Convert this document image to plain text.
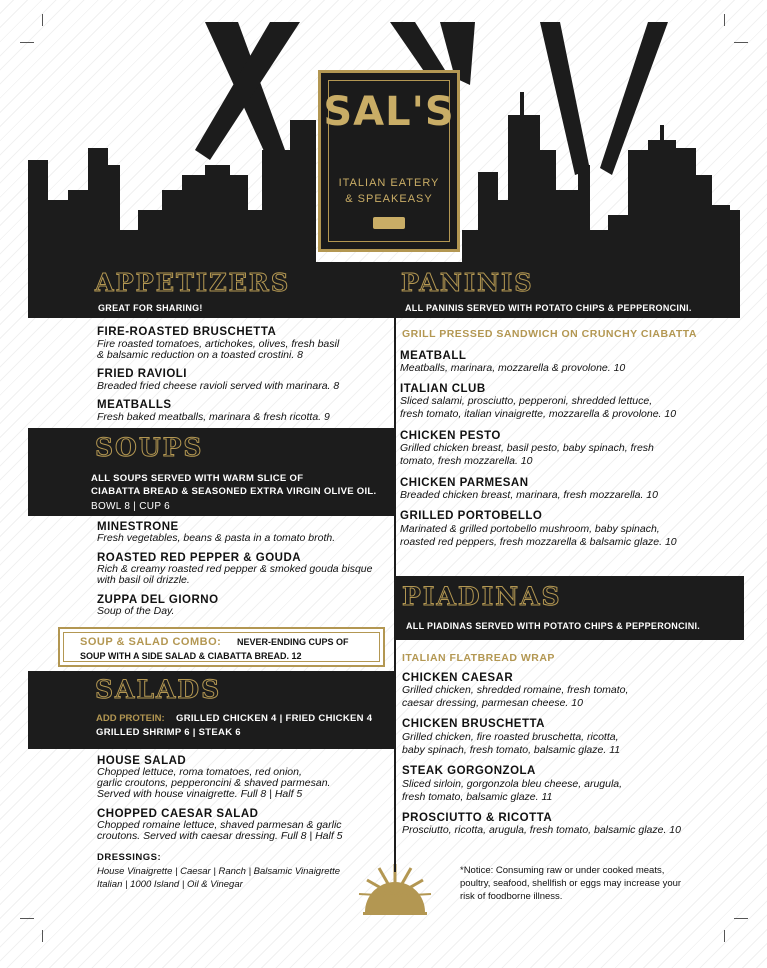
SAL'S
ITALIAN EATERY
& SPEAKEASY
APPETIZERS
GREAT FOR SHARING!
FIRE-ROASTED BRUSCHETTA
Fire roasted tomatoes, artichokes, olives, fresh basil
& balsamic reduction on a toasted crostini. 8
FRIED RAVIOLI
Breaded fried cheese ravioli served with marinara. 8
MEATBALLS
Fresh baked meatballs, marinara & fresh ricotta. 9
SOUPS
ALL SOUPS SERVED WITH WARM SLICE OF
CIABATTA BREAD & SEASONED EXTRA VIRGIN OLIVE OIL.
BOWL 8 | CUP 6
MINESTRONE
Fresh vegetables, beans & pasta in a tomato broth.
ROASTED RED PEPPER & GOUDA
Rich & creamy roasted red pepper & smoked gouda bisque
with basil oil drizzle.
ZUPPA DEL GIORNO
Soup of the Day.
SOUP & SALAD COMBO: NEVER-ENDING CUPS OF
SOUP WITH A SIDE SALAD & CIABATTA BREAD. 12
SALADS
ADD PROTEIN: GRILLED CHICKEN 4 | FRIED CHICKEN 4
GRILLED SHRIMP 6 | STEAK 6
HOUSE SALAD
Chopped lettuce, roma tomatoes, red onion,
garlic croutons, pepperoncini & shaved parmesan.
Served with house vinaigrette. Full 8 | Half 5
CHOPPED CAESAR SALAD
Chopped romaine lettuce, shaved parmesan & garlic
croutons. Served with caesar dressing. Full 8 | Half 5
DRESSINGS:
House Vinaigrette | Caesar | Ranch | Balsamic Vinaigrette
Italian | 1000 Island | Oil & Vinegar
PANINIS
ALL PANINIS SERVED WITH POTATO CHIPS & PEPPERONCINI.
GRILL PRESSED SANDWICH ON CRUNCHY CIABATTA
MEATBALL
Meatballs, marinara, mozzarella & provolone. 10
ITALIAN CLUB
Sliced salami, prosciutto, pepperoni, shredded lettuce,
fresh tomato, italian vinaigrette, mozzarella & provolone. 10
CHICKEN PESTO
Grilled chicken breast, basil pesto, baby spinach, fresh
tomato, fresh mozzarella. 10
CHICKEN PARMESAN
Breaded chicken breast, marinara, fresh mozzarella. 10
GRILLED PORTOBELLO
Marinated & grilled portobello mushroom, baby spinach,
roasted red peppers, fresh mozzarella & balsamic glaze. 10
PIADINAS
ALL PIADINAS SERVED WITH POTATO CHIPS & PEPPERONCINI.
ITALIAN FLATBREAD WRAP
CHICKEN CAESAR
Grilled chicken, shredded romaine, fresh tomato,
caesar dressing, parmesan cheese. 10
CHICKEN BRUSCHETTA
Grilled chicken, fire roasted bruschetta, ricotta,
baby spinach, fresh tomato, balsamic glaze. 11
STEAK GORGONZOLA
Sliced sirloin, gorgonzola bleu cheese, arugula,
fresh tomato, balsamic glaze. 11
PROSCIUTTO & RICOTTA
Prosciutto, ricotta, arugula, fresh tomato, balsamic glaze. 10
*Notice: Consuming raw or under cooked meats,
poultry, seafood, shellfish or eggs may increase your
risk of foodborne illness.
